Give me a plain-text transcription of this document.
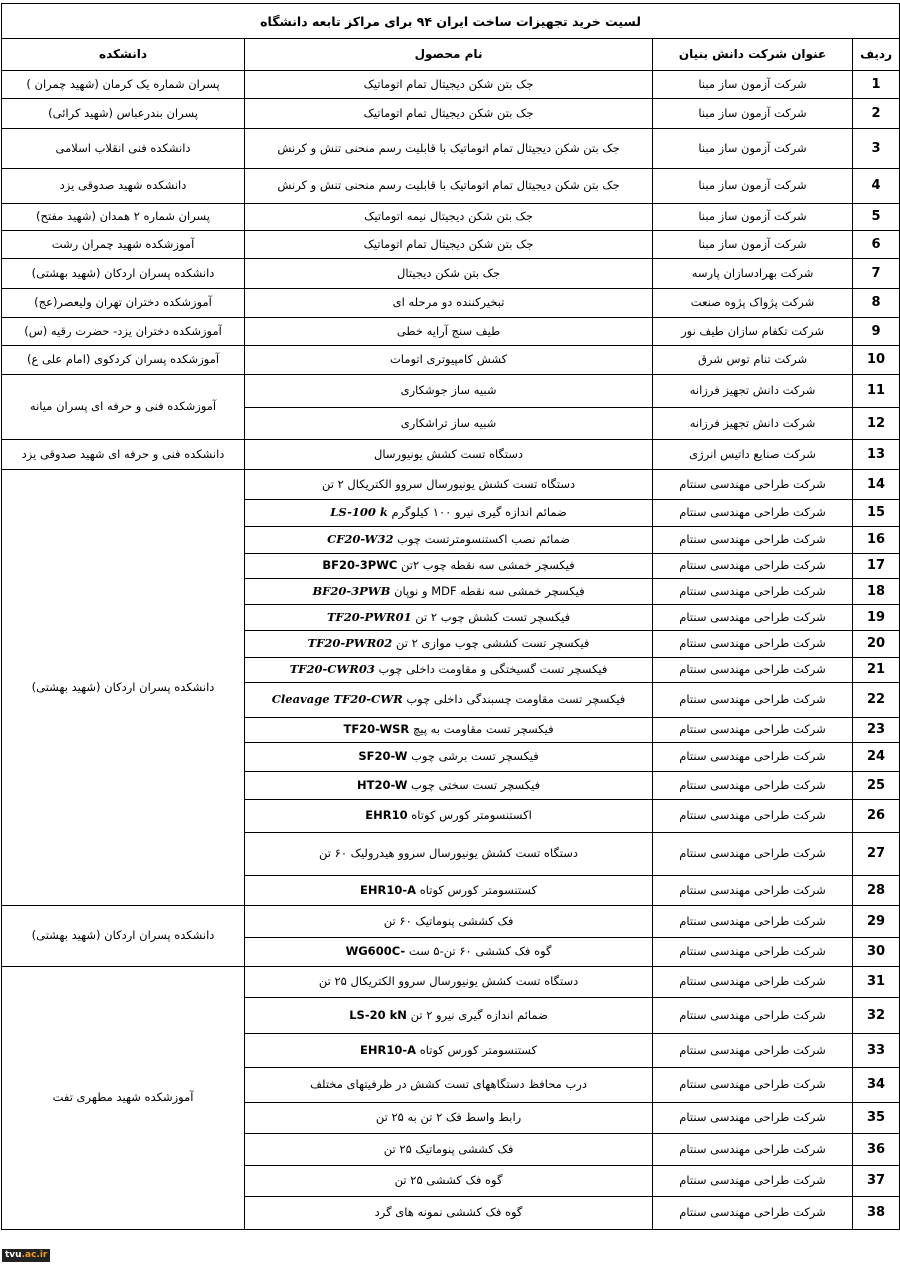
لسیت خرید تجهیزات ساخت ایران ۹۴ برای مراکز تابعه دانشگاه			
ردیف	عنوان شرکت دانش بنیان	نام محصول	دانشکده
1	شرکت آزمون ساز مبنا	جک بتن شکن دیجیتال تمام اتوماتیک	پسران شماره یک کرمان (شهید چمران )
2	شرکت آزمون ساز مبنا	جک بتن شکن دیجیتال تمام اتوماتیک	پسران بندرعباس (شهید کرائی)
3	شرکت آزمون ساز مبنا	جک بتن شکن دیجیتال تمام اتوماتیک با قابلیت رسم منحنی تنش و کرنش	دانشکده فنی انقلاب اسلامی
4	شرکت آزمون ساز مبنا	جک بتن شکن دیجیتال تمام اتوماتیک با قابلیت رسم منحنی تنش و کرنش	دانشکده شهید صدوقی یزد
5	شرکت آزمون ساز مبنا	جک بتن شکن دیجیتال نیمه اتوماتیک	پسران شماره ۲ همدان (شهید مفتح)
6	شرکت آزمون ساز مبنا	جک بتن شکن دیجیتال تمام اتوماتیک	آموزشکده شهید چمران رشت
7	شرکت بهرادسازان پارسه	جک بتن شکن دیجیتال	دانشکده پسران اردکان (شهید بهشتی)
8	شرکت پژواک پژوه صنعت	تبخیرکننده دو مرحله ای	آموزشکده دختران تهران ولیعصر(عج)
9	شرکت تکفام سازان طیف نور	طیف سنج آرایه خطی	آموزشکده دختران یزد- حضرت رقیه (س)
10	شرکت تنام توس شرق	کشش کامپیوتری اتومات	آموزشکده پسران کردکوی (امام علی ع)
11	شرکت دانش تجهیز فرزانه	شبیه ساز جوشکاری	آموزشکده فنی و حرفه ای پسران میانه
12	شرکت دانش تجهیز فرزانه	شبیه ساز تراشکاری	
13	شرکت صنایع داتیس انرژی	دستگاه تست کشش یونیورسال	دانشکده فنی و حرفه ای شهید صدوقی یزد
14	شرکت طراحی مهندسی سنتام	دستگاه تست کشش یونیورسال سروو الکتریکال ۲ تن	دانشکده پسران اردکان (شهید بهشتی)
15	شرکت طراحی مهندسی سنتام	ضمائم اندازه گیری نیرو ۱۰۰ کیلوگرم LS-100 k	
16	شرکت طراحی مهندسی سنتام	ضمائم نصب اکستنسومترتست چوب CF20-W32	
17	شرکت طراحی مهندسی سنتام	فیکسچر خمشی سه نقطه چوب ۲تن BF20-3PWC	
18	شرکت طراحی مهندسی سنتام	فیکسچر خمشی سه نقطه MDF و نوپان BF20-3PWB	
19	شرکت طراحی مهندسی سنتام	فیکسچر تست کشش چوب ۲ تن TF20-PWR01	
20	شرکت طراحی مهندسی سنتام	فیکسچر تست کششی چوب موازی ۲ تن TF20-PWR02	
21	شرکت طراحی مهندسی سنتام	فیکسچر تست گسیختگی و مقاومت داخلی چوب TF20-CWR03	
22	شرکت طراحی مهندسی سنتام	فیکسچر تست مقاومت چسبندگی داخلی چوب Cleavage TF20-CWR	
23	شرکت طراحی مهندسی سنتام	فیکسچر تست مقاومت به پیچ TF20-WSR	
24	شرکت طراحی مهندسی سنتام	فیکسچر تست برشی چوب SF20-W	
25	شرکت طراحی مهندسی سنتام	فیکسچر تست سختی چوب HT20-W	
26	شرکت طراحی مهندسی سنتام	اکستنسومتر کورس کوتاه EHR10	
27	شرکت طراحی مهندسی سنتام	دستگاه تست کشش یونیورسال سروو هیدرولیک ۶۰ تن	
28	شرکت طراحی مهندسی سنتام	کستنسومتر کورس کوتاه EHR10-A	
29	شرکت طراحی مهندسی سنتام	فک کششی پنوماتیک ۶۰ تن	دانشکده پسران اردکان (شهید بهشتی)
30	شرکت طراحی مهندسی سنتام	گوه فک کششی ۶۰ تن-۵ ست WG600C-	
31	شرکت طراحی مهندسی سنتام	دستگاه تست کشش یونیورسال سروو الکتریکال ۲۵ تن	آموزشکده شهید مطهری تفت
32	شرکت طراحی مهندسی سنتام	ضمائم اندازه گیری نیرو ۲ تن LS-20 kN	
33	شرکت طراحی مهندسی سنتام	کستنسومتر کورس کوتاه EHR10-A	
34	شرکت طراحی مهندسی سنتام	درب محافظ دستگاههای تست کشش در ظرفیتهای مختلف	
35	شرکت طراحی مهندسی سنتام	رابط واسط فک ۲ تن به ۲۵ تن	
36	شرکت طراحی مهندسی سنتام	فک کششی پنوماتیک ۲۵ تن	
37	شرکت طراحی مهندسی سنتام	گوه فک کششی ۲۵ تن	
38	شرکت طراحی مهندسی سنتام	گوه فک کششی نمونه های گرد	
tvu.ac.ir
